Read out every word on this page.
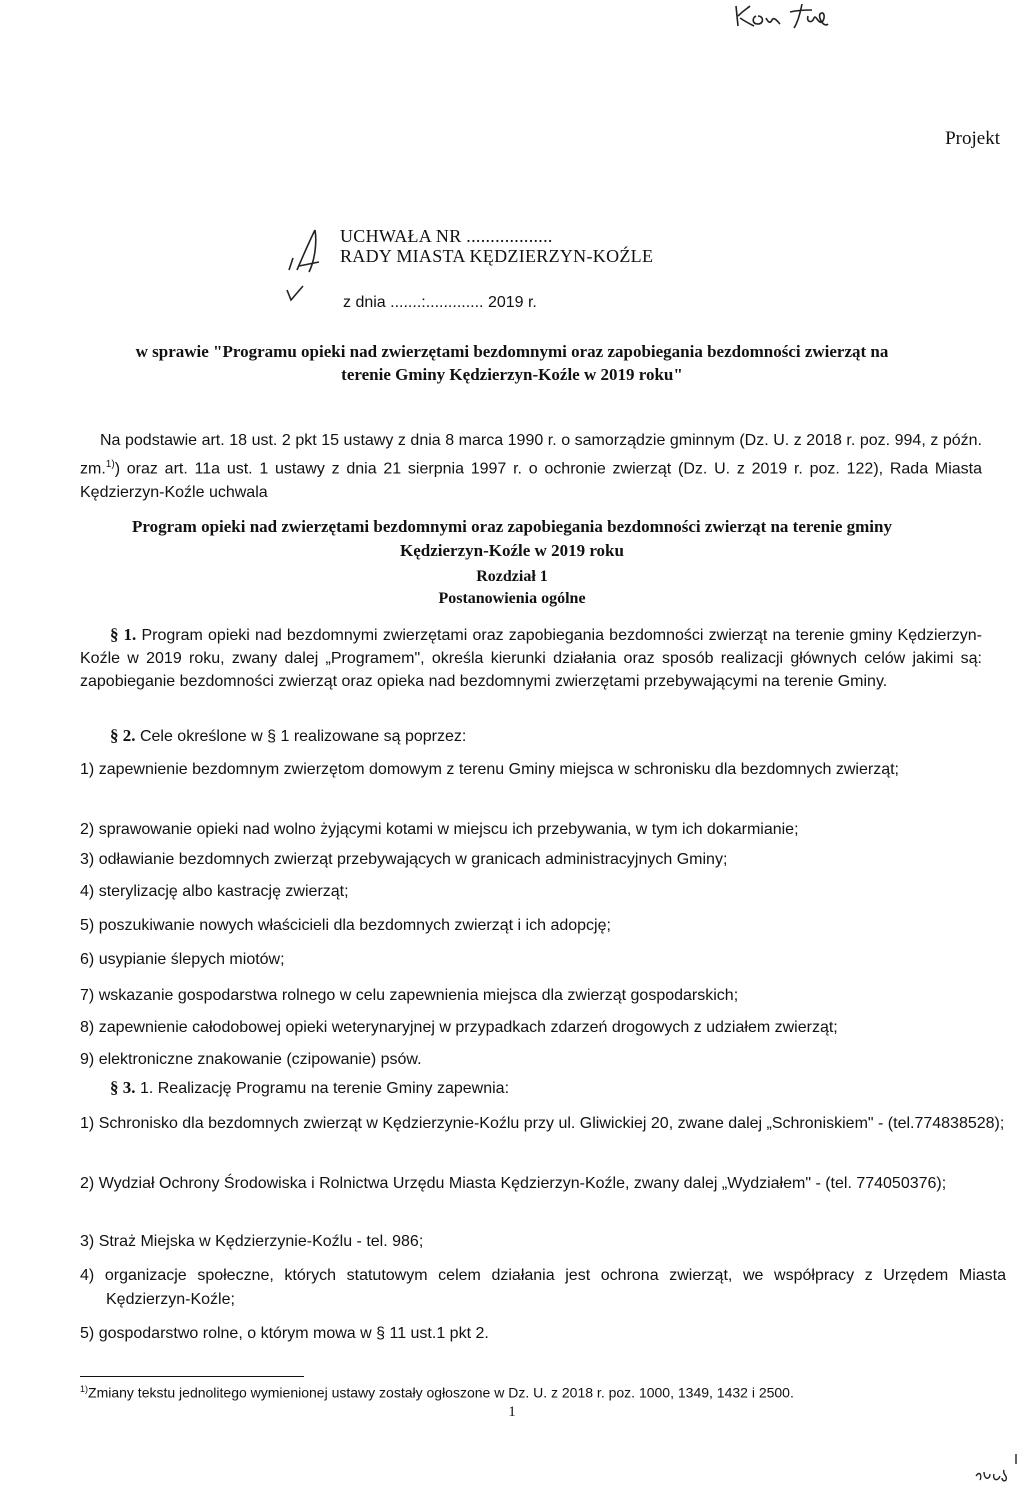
Projekt
UCHWAŁA NR ..................
RADY MIASTA KĘDZIERZYN-KOŹLE
z dnia .......:............. 2019 r.
w sprawie "Programu opieki nad zwierzętami bezdomnymi oraz zapobiegania bezdomności zwierząt na
terenie Gminy Kędzierzyn-Koźle w 2019 roku"
Na podstawie art. 18 ust. 2 pkt 15 ustawy z dnia 8 marca 1990 r. o samorządzie gminnym (Dz. U. z 2018 r. poz. 994, z późn. zm.$^{1)}$) oraz art. 11a ust. 1 ustawy z dnia 21 sierpnia 1997 r. o ochronie zwierząt (Dz. U. z 2019 r. poz. 122), Rada Miasta Kędzierzyn-Koźle uchwala
Program opieki nad zwierzętami bezdomnymi oraz zapobiegania bezdomności zwierząt na terenie gminy
Kędzierzyn-Koźle w 2019 roku
Rozdział 1
Postanowienia ogólne
§ 1. Program opieki nad bezdomnymi zwierzętami oraz zapobiegania bezdomności zwierząt na terenie gminy Kędzierzyn-Koźle w 2019 roku, zwany dalej „Programem", określa kierunki działania oraz sposób realizacji głównych celów jakimi są: zapobieganie bezdomności zwierząt oraz opieka nad bezdomnymi zwierzętami przebywającymi na terenie Gminy.
§ 2. Cele określone w § 1 realizowane są poprzez:
1) zapewnienie bezdomnym zwierzętom domowym z terenu Gminy miejsca w schronisku dla bezdomnych zwierząt;
2) sprawowanie opieki nad wolno żyjącymi kotami w miejscu ich przebywania, w tym ich dokarmianie;
3) odławianie bezdomnych zwierząt przebywających w granicach administracyjnych Gminy;
4) sterylizację albo kastrację zwierząt;
5) poszukiwanie nowych właścicieli dla bezdomnych zwierząt i ich adopcję;
6) usypianie ślepych miotów;
7) wskazanie gospodarstwa rolnego w celu zapewnienia miejsca dla zwierząt gospodarskich;
8) zapewnienie całodobowej opieki weterynaryjnej w przypadkach zdarzeń drogowych z udziałem zwierząt;
9) elektroniczne znakowanie (czipowanie) psów.
§ 3. 1. Realizację Programu na terenie Gminy zapewnia:
1) Schronisko dla bezdomnych zwierząt w Kędzierzynie-Koźlu przy ul. Gliwickiej 20, zwane dalej „Schroniskiem" - (tel.774838528);
2) Wydział Ochrony Środowiska i Rolnictwa Urzędu Miasta Kędzierzyn-Koźle, zwany dalej „Wydziałem" - (tel. 774050376);
3) Straż Miejska w Kędzierzynie-Koźlu - tel. 986;
4) organizacje społeczne, których statutowym celem działania jest ochrona zwierząt, we współpracy z Urzędem Miasta Kędzierzyn-Koźle;
5) gospodarstwo rolne, o którym mowa w § 11 ust.1 pkt 2.
$^{1)}$Zmiany tekstu jednolitego wymienionej ustawy zostały ogłoszone w Dz. U. z 2018 r. poz. 1000, 1349, 1432 i 2500.
1
